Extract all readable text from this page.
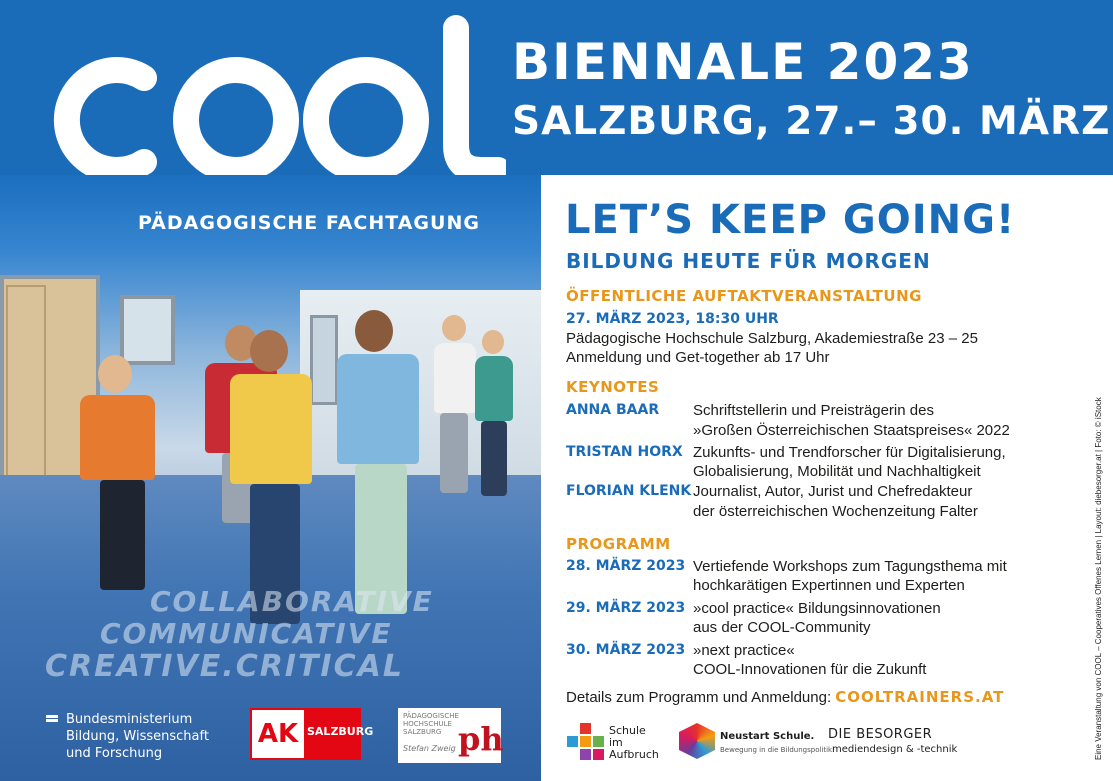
BIENNALE 2023
SALZBURG, 27.– 30. MÄRZ
PÄDAGOGISCHE FACHTAGUNG
COLLABORATIVE
COMMUNICATIVE
CREATIVE.CRITICAL
Bundesministerium
Bildung, Wissenschaft
und Forschung
AK SALZBURG
PÄDAGOGISCHE
HOCHSCHULE
SALZBURG
Stefan Zweig ph
LET’S KEEP GOING!
BILDUNG HEUTE FÜR MORGEN
ÖFFENTLICHE AUFTAKTVERANSTALTUNG
27. MÄRZ 2023, 18:30 UHR
Pädagogische Hochschule Salzburg, Akademiestraße 23 – 25
Anmeldung und Get-together ab 17 Uhr
KEYNOTES
ANNA BAAR Schriftstellerin und Preisträgerin des
»Großen Österreichischen Staatspreises« 2022
TRISTAN HORX Zukunfts- und Trendforscher für Digitalisierung,
Globalisierung, Mobilität und Nachhaltigkeit
FLORIAN KLENK Journalist, Autor, Jurist und Chefredakteur
der österreichischen Wochenzeitung Falter
PROGRAMM
28. MÄRZ 2023 Vertiefende Workshops zum Tagungsthema mit
hochkarätigen Expertinnen und Experten
29. MÄRZ 2023 »cool practice« Bildungsinnovationen
aus der COOL-Community
30. MÄRZ 2023 »next practice«
COOL-Innovationen für die Zukunft
Details zum Programm und Anmeldung: COOLTRAINERS.AT
Schule
im
Aufbruch
Neustart Schule.
Bewegung in die Bildungspolitik!
DIE BESORGER
mediendesign & -technik	Eine Veranstaltung von COOL – Cooperatives Offenes Lernen | Layout: diebesorger.at | Foto: © iStock
